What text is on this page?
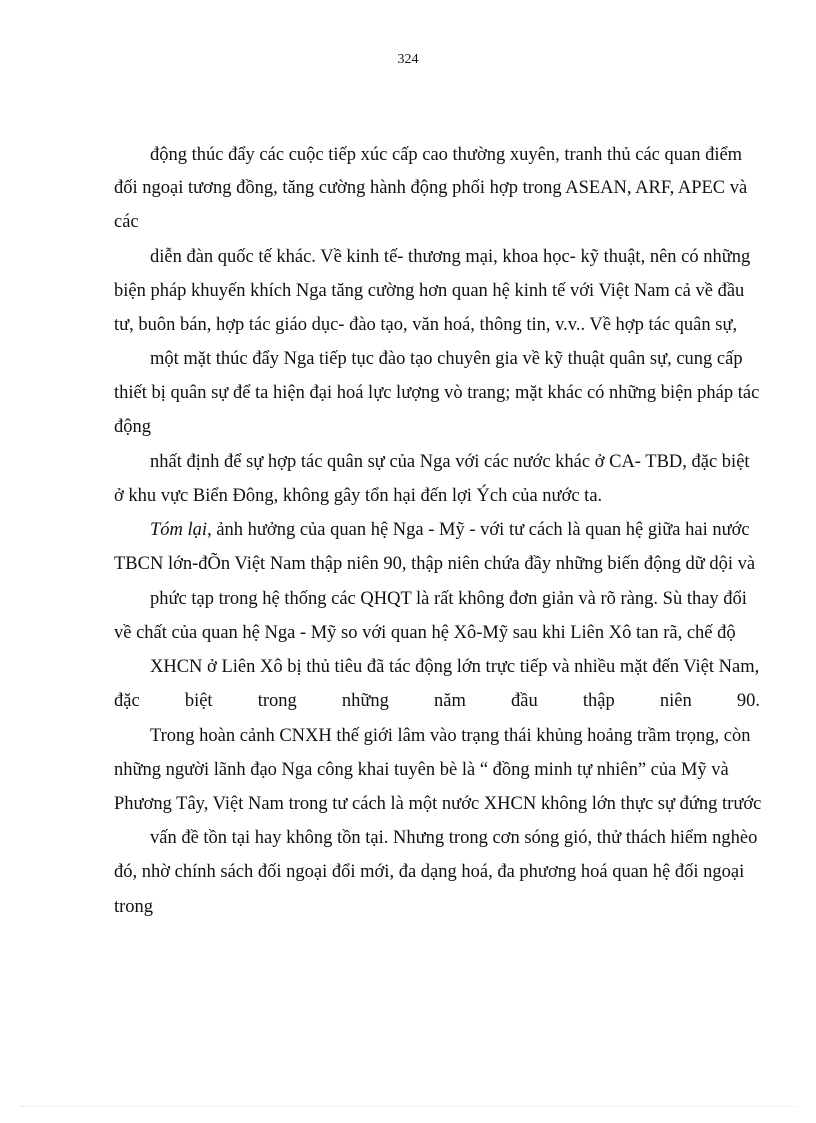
324
động thúc đẩy các cuộc tiếp xúc cấp cao thường xuyên, tranh thủ các quan điểm
đối ngoại tương đồng, tăng cường hành động phối hợp trong ASEAN, ARF, APEC và
các
diễn đàn quốc tế khác. Về kinh tế- thương mại, khoa học- kỹ thuật, nên có những
biện pháp khuyến khích Nga tăng cường hơn quan hệ kinh tế với Việt Nam cả về đầu
tư, buôn bán, hợp tác giáo dục- đào tạo, văn hoá, thông tin, v.v.. Về hợp tác quân sự,
một mặt thúc đẩy Nga tiếp tục đào tạo chuyên gia về kỹ thuật quân sự, cung cấp
thiết bị quân sự để ta hiện đại hoá lực lượng vò trang; mặt khác có những biện pháp tác
động
nhất định để sự hợp tác quân sự của Nga với các nước khác ở CA- TBD, đặc biệt
ở khu vực Biển Đông, không gây tổn hại đến lợi Ých của nước ta.
Tóm lại, ảnh hưởng của quan hệ Nga - Mỹ - với tư cách là quan hệ giữa hai nước
TBCN lớn-đÕn Việt Nam thập niên 90, thập niên chứa đầy những biến động dữ dội và
phức tạp trong hệ thống các QHQT là rất không đơn giản và rõ ràng. Sù thay đổi
về chất của quan hệ Nga - Mỹ so với quan hệ Xô-Mỹ sau khi Liên Xô tan rã, chế độ
XHCN ở Liên Xô bị thủ tiêu đã tác động lớn trực tiếp và nhiều mặt đến Việt Nam,
đặc biệt trong những năm đầu thập niên 90.
Trong hoàn cảnh CNXH thế giới lâm vào trạng thái khủng hoảng trầm trọng, còn
những người lãnh đạo Nga công khai tuyên bè là “ đồng minh tự nhiên” của Mỹ và
Phương Tây, Việt Nam trong tư cách là một nước XHCN không lớn thực sự đứng trước
vấn đề tồn tại hay không tồn tại. Nhưng trong cơn sóng gió, thử thách hiểm nghèo
đó, nhờ chính sách đối ngoại đổi mới, đa dạng hoá, đa phương hoá quan hệ đối ngoại
trong
